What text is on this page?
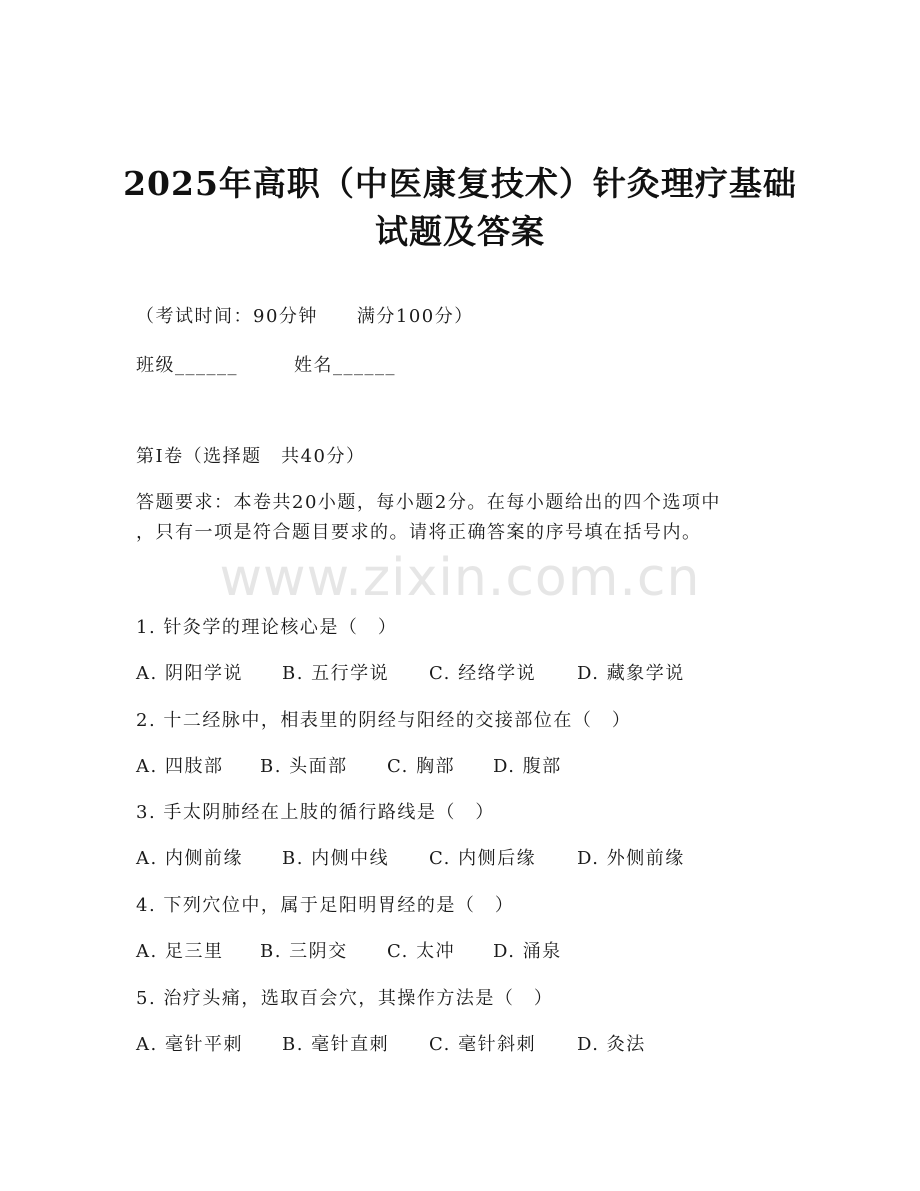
www.zixin.com.cn
2025年高职（中医康复技术）针灸理疗基础
试题及答案
（考试时间：90分钟　　满分100分）
班级______	姓名______
第I卷（选择题　共40分）
答题要求：本卷共20小题，每小题2分。在每小题给出的四个选项中
，只有一项是符合题目要求的。请将正确答案的序号填在括号内。
1. 针灸学的理论核心是（　）
A. 阴阳学说 B. 五行学说 C. 经络学说 D. 藏象学说
2. 十二经脉中，相表里的阴经与阳经的交接部位在（　）
A. 四肢部 B. 头面部 C. 胸部 D. 腹部
3. 手太阴肺经在上肢的循行路线是（　）
A. 内侧前缘 B. 内侧中线 C. 内侧后缘 D. 外侧前缘
4. 下列穴位中，属于足阳明胃经的是（　）
A. 足三里 B. 三阴交 C. 太冲 D. 涌泉
5. 治疗头痛，选取百会穴，其操作方法是（　）
A. 毫针平刺 B. 毫针直刺 C. 毫针斜刺 D. 灸法
